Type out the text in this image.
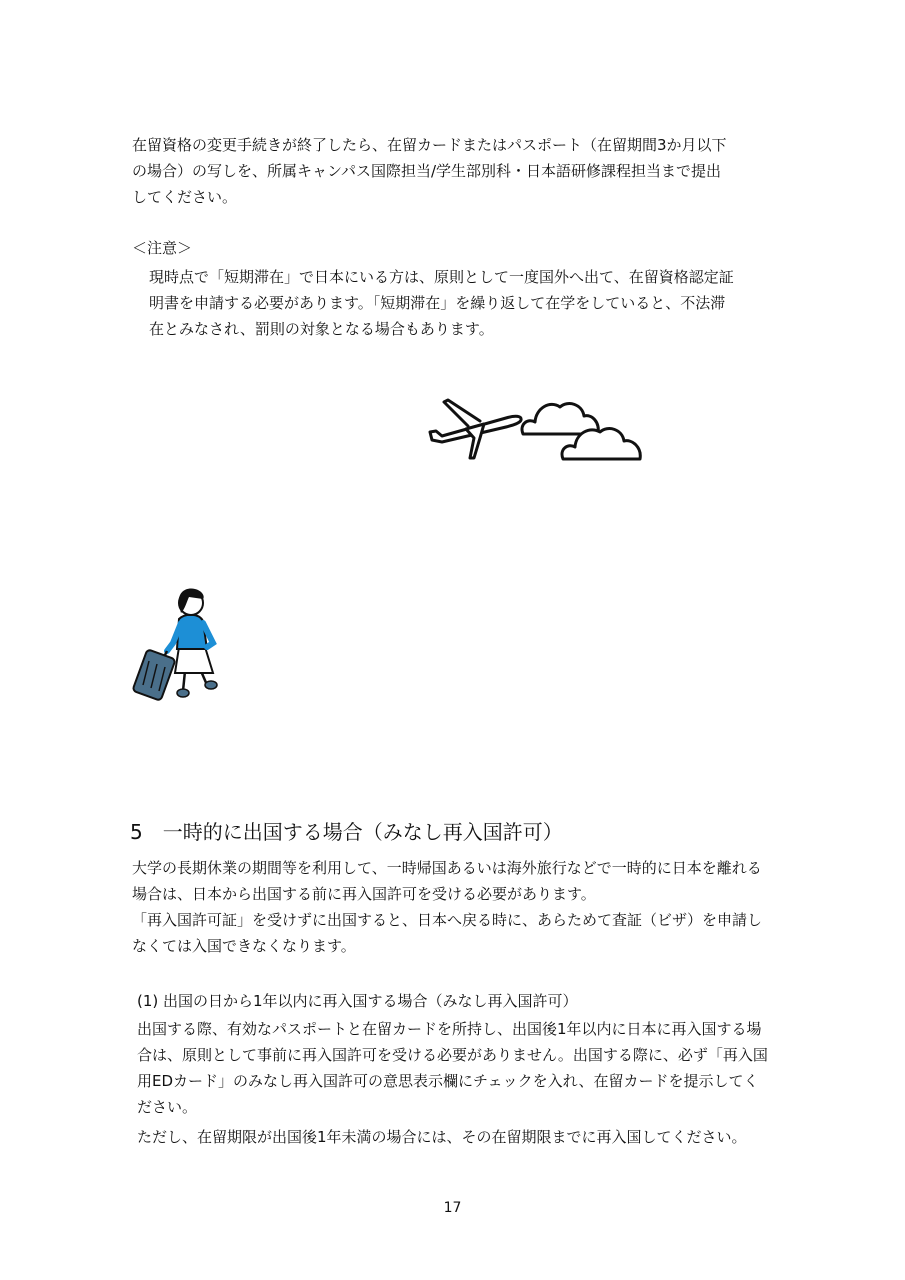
在留資格の変更手続きが終了したら、在留カードまたはパスポート（在留期間3か月以下
の場合）の写しを、所属キャンパス国際担当/学生部別科・日本語研修課程担当まで提出
してください。
＜注意＞
現時点で「短期滞在」で日本にいる方は、原則として一度国外へ出て、在留資格認定証
明書を申請する必要があります。「短期滞在」を繰り返して在学をしていると、不法滞
在とみなされ、罰則の対象となる場合もあります。
5　一時的に出国する場合（みなし再入国許可）
大学の長期休業の期間等を利用して、一時帰国あるいは海外旅行などで一時的に日本を離れる
場合は、日本から出国する前に再入国許可を受ける必要があります。
「再入国許可証」を受けずに出国すると、日本へ戻る時に、あらためて査証（ビザ）を申請し
なくては入国できなくなります。
(1) 出国の日から1年以内に再入国する場合（みなし再入国許可）
出国する際、有効なパスポートと在留カードを所持し、出国後1年以内に日本に再入国する場
合は、原則として事前に再入国許可を受ける必要がありません。出国する際に、必ず「再入国
用EDカード」のみなし再入国許可の意思表示欄にチェックを入れ、在留カードを提示してく
ださい。
ただし、在留期限が出国後1年未満の場合には、その在留期限までに再入国してください。
17
